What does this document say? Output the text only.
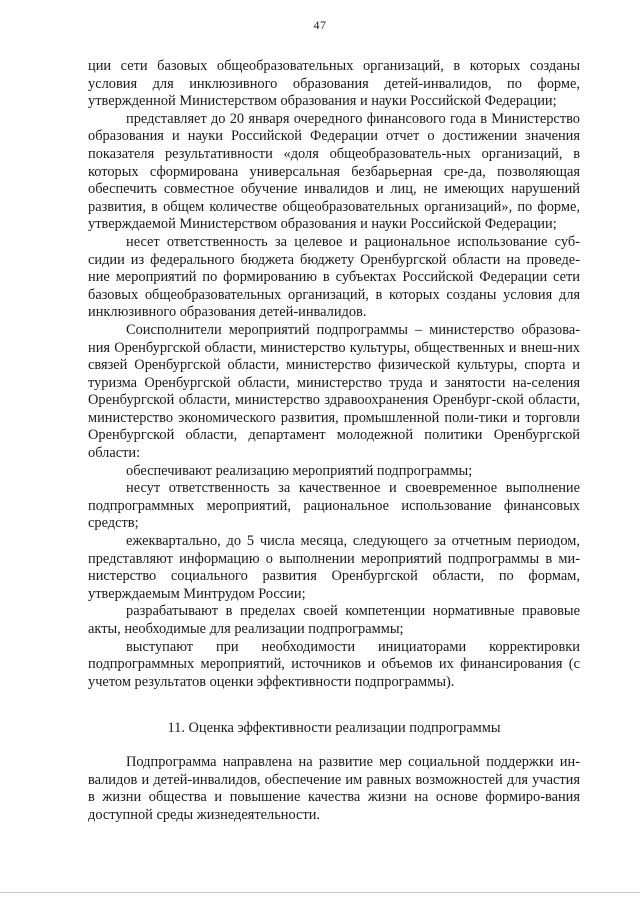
47

ции сети базовых общеобразовательных организаций, в которых созданы условия для инклюзивного образования детей-инвалидов, по форме, утвержденной Министерством образования и науки Российской Федерации;

представляет до 20 января очередного финансового года в Министерство образования и науки Российской Федерации отчет о достижении значения показателя результативности «доля общеобразователь-ных организаций, в которых сформирована универсальная безбарьерная сре-да, позволяющая обеспечить совместное обучение инвалидов и лиц, не имеющих нарушений развития, в общем количестве общеобразовательных организаций», по форме, утверждаемой Министерством образования и науки Российской Федерации;

несет ответственность за целевое и рациональное использование суб-сидии из федерального бюджета бюджету Оренбургской области на проведе-ние мероприятий по формированию в субъектах Российской Федерации сети базовых общеобразовательных организаций, в которых созданы условия для инклюзивного образования детей-инвалидов.

Соисполнители мероприятий подпрограммы – министерство образова-ния Оренбургской области, министерство культуры, общественных и внеш-них связей Оренбургской области, министерство физической культуры, спорта и туризма Оренбургской области, министерство труда и занятости на-селения Оренбургской области, министерство здравоохранения Оренбург-ской области, министерство экономического развития, промышленной поли-тики и торговли Оренбургской области, департамент молодежной политики Оренбургской области:

обеспечивают реализацию мероприятий подпрограммы;

несут ответственность за качественное и своевременное выполнение подпрограммных мероприятий, рациональное использование финансовых средств;

ежеквартально, до 5 числа месяца, следующего за отчетным периодом, представляют информацию о выполнении мероприятий подпрограммы в ми-нистерство социального развития Оренбургской области, по формам, утверждаемым Минтрудом России;

разрабатывают в пределах своей компетенции нормативные правовые акты, необходимые для реализации подпрограммы;

выступают при необходимости инициаторами корректировки подпрограммных мероприятий, источников и объемов их финансирования (с учетом результатов оценки эффективности подпрограммы).

11. Оценка эффективности реализации подпрограммы

Подпрограмма направлена на развитие мер социальной поддержки ин-валидов и детей-инвалидов, обеспечение им равных возможностей для участия в жизни общества и повышение качества жизни на основе формиро-вания доступной среды жизнедеятельности.
